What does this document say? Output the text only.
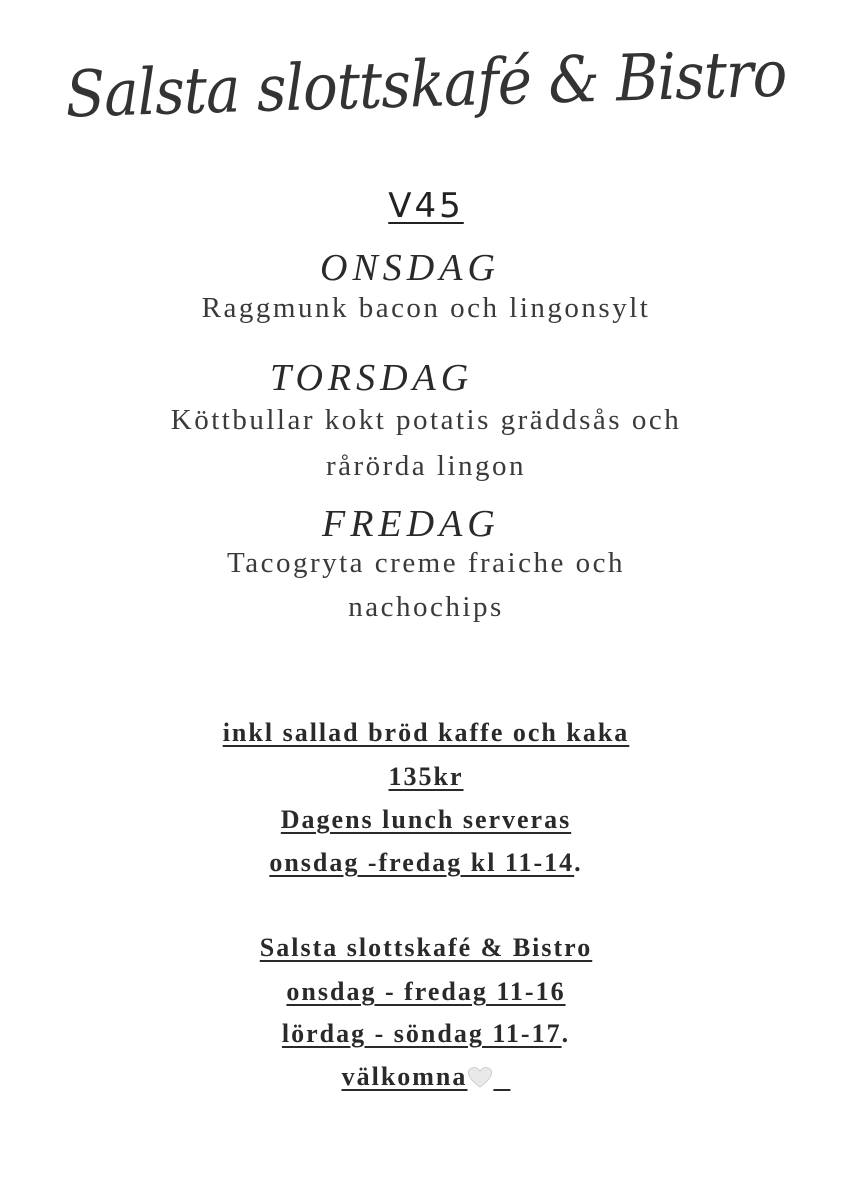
Salsta slottskafé & Bistro
V45
ONSDAG
Raggmunk bacon och lingonsylt
TORSDAG
Köttbullar kokt potatis gräddsås och
rårörda lingon
FREDAG
Tacogryta creme fraiche och
nachochips
inkl sallad bröd kaffe och kaka
135kr
Dagens lunch serveras
onsdag -fredag kl 11-14.
Salsta slottskafé & Bistro
onsdag - fredag 11-16
lördag - söndag 11-17.
välkomna
